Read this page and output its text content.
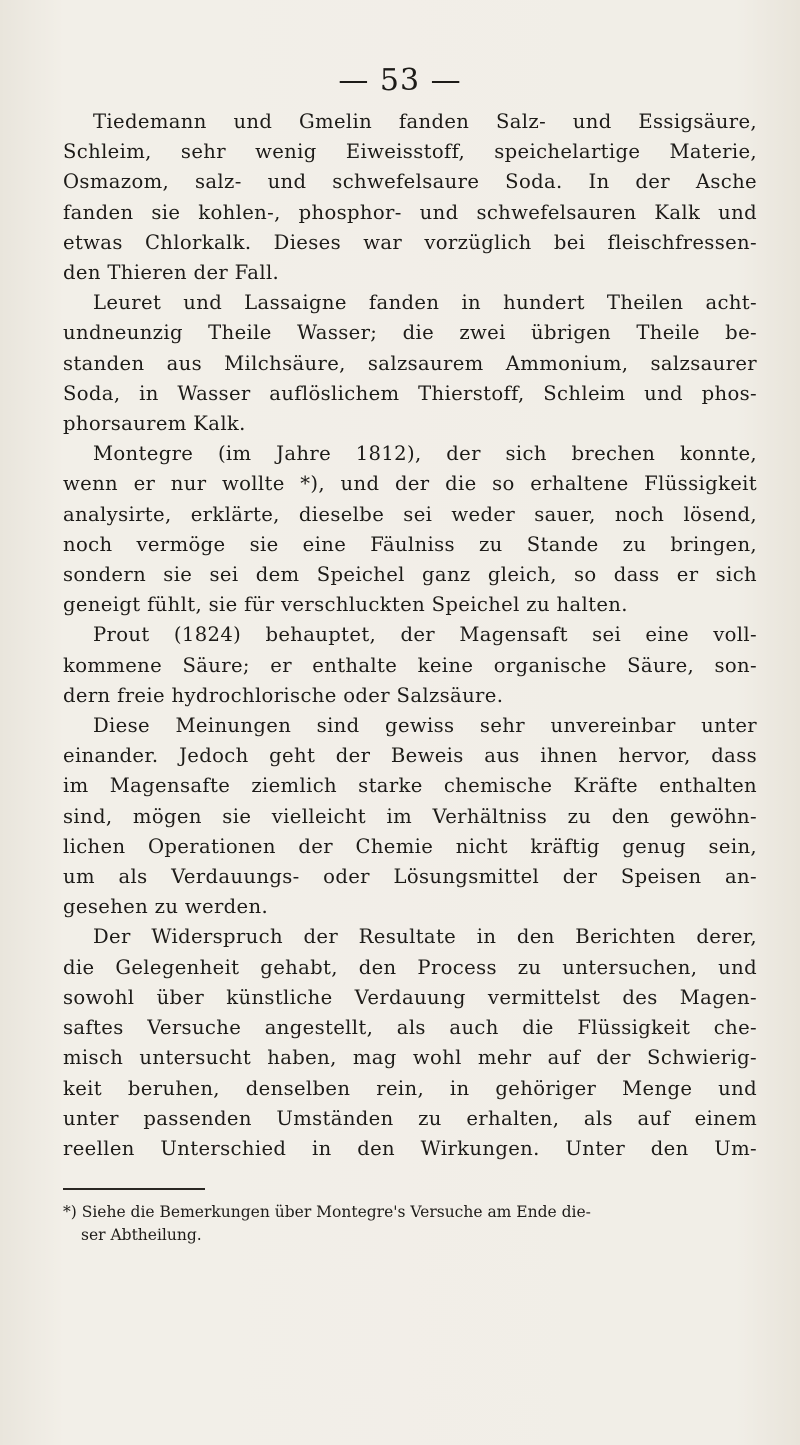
— 53 —
Tiedemann und Gmelin fanden Salz- und Essigsäure,
Schleim, sehr wenig Eiweisstoff, speichelartige Materie,
Osmazom, salz- und schwefelsaure Soda. In der Asche
fanden sie kohlen-, phosphor- und schwefelsauren Kalk und
etwas Chlorkalk. Dieses war vorzüglich bei fleischfressen-
den Thieren der Fall.
Leuret und Lassaigne fanden in hundert Theilen acht-
undneunzig Theile Wasser; die zwei übrigen Theile be-
standen aus Milchsäure, salzsaurem Ammonium, salzsaurer
Soda, in Wasser auflöslichem Thierstoff, Schleim und phos-
phorsaurem Kalk.
Montegre (im Jahre 1812), der sich brechen konnte,
wenn er nur wollte *), und der die so erhaltene Flüssigkeit
analysirte, erklärte, dieselbe sei weder sauer, noch lösend,
noch vermöge sie eine Fäulniss zu Stande zu bringen,
sondern sie sei dem Speichel ganz gleich, so dass er sich
geneigt fühlt, sie für verschluckten Speichel zu halten.
Prout (1824) behauptet, der Magensaft sei eine voll-
kommene Säure; er enthalte keine organische Säure, son-
dern freie hydrochlorische oder Salzsäure.
Diese Meinungen sind gewiss sehr unvereinbar unter
einander. Jedoch geht der Beweis aus ihnen hervor, dass
im Magensafte ziemlich starke chemische Kräfte enthalten
sind, mögen sie vielleicht im Verhältniss zu den gewöhn-
lichen Operationen der Chemie nicht kräftig genug sein,
um als Verdauungs- oder Lösungsmittel der Speisen an-
gesehen zu werden.
Der Widerspruch der Resultate in den Berichten derer,
die Gelegenheit gehabt, den Process zu untersuchen, und
sowohl über künstliche Verdauung vermittelst des Magen-
saftes Versuche angestellt, als auch die Flüssigkeit che-
misch untersucht haben, mag wohl mehr auf der Schwierig-
keit beruhen, denselben rein, in gehöriger Menge und
unter passenden Umständen zu erhalten, als auf einem
reellen Unterschied in den Wirkungen. Unter den Um-
*) Siehe die Bemerkungen über Montegre's Versuche am Ende die-
ser Abtheilung.
